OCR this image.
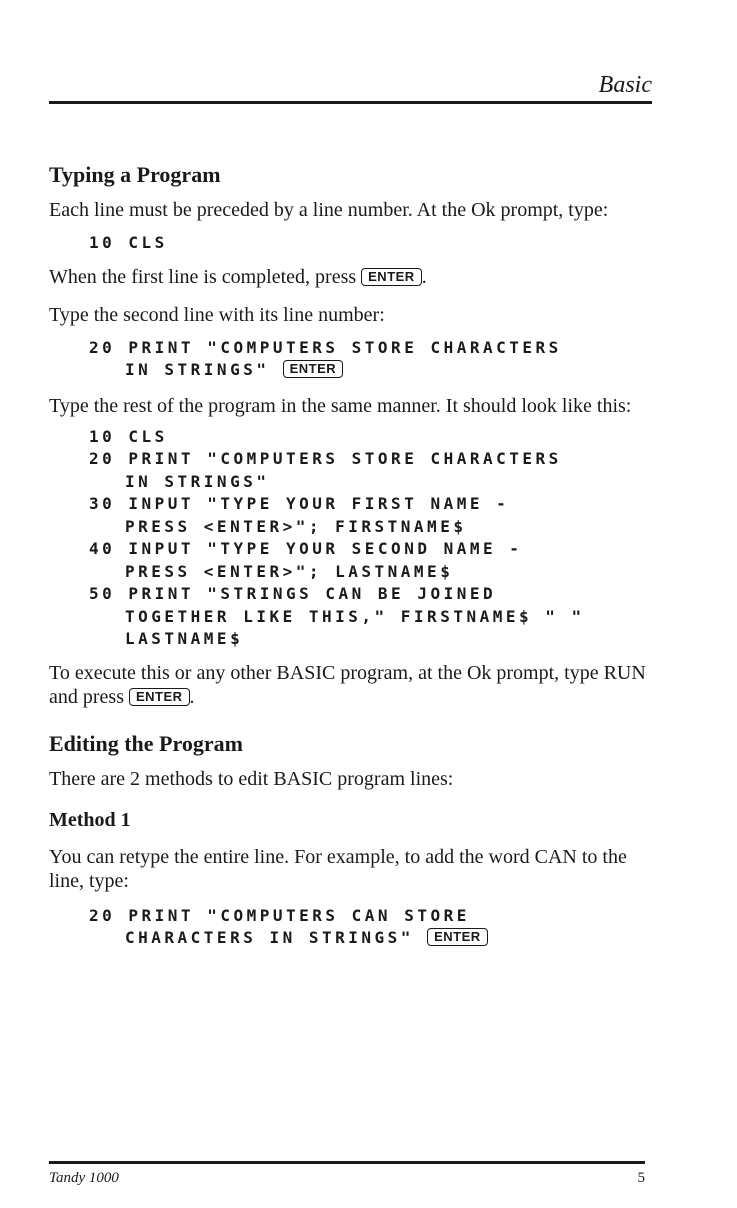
Basic
Typing a Program

Each line must be preceded by a line number. At the Ok prompt, type:

10 CLS

When the first line is completed, press ENTER .

Type the second line with its line number:

20 PRINT "COMPUTERS STORE CHARACTERS
IN STRINGS" ENTER

Type the rest of the program in the same manner. It should look like this:

10 CLS
20 PRINT "COMPUTERS STORE CHARACTERS
IN STRINGS"
30 INPUT "TYPE YOUR FIRST NAME -
PRESS <ENTER>"; FIRSTNAME$
40 INPUT "TYPE YOUR SECOND NAME -
PRESS <ENTER>"; LASTNAME$
50 PRINT "STRINGS CAN BE JOINED
TOGETHER LIKE THIS," FIRSTNAME$ " "
LASTNAME$

To execute this or any other BASIC program, at the Ok prompt, type RUN and press ENTER .

Editing the Program

There are 2 methods to edit BASIC program lines:

Method 1

You can retype the entire line. For example, to add the word CAN to the line, type:

20 PRINT "COMPUTERS CAN STORE
CHARACTERS IN STRINGS" ENTER
Tandy 1000	5
